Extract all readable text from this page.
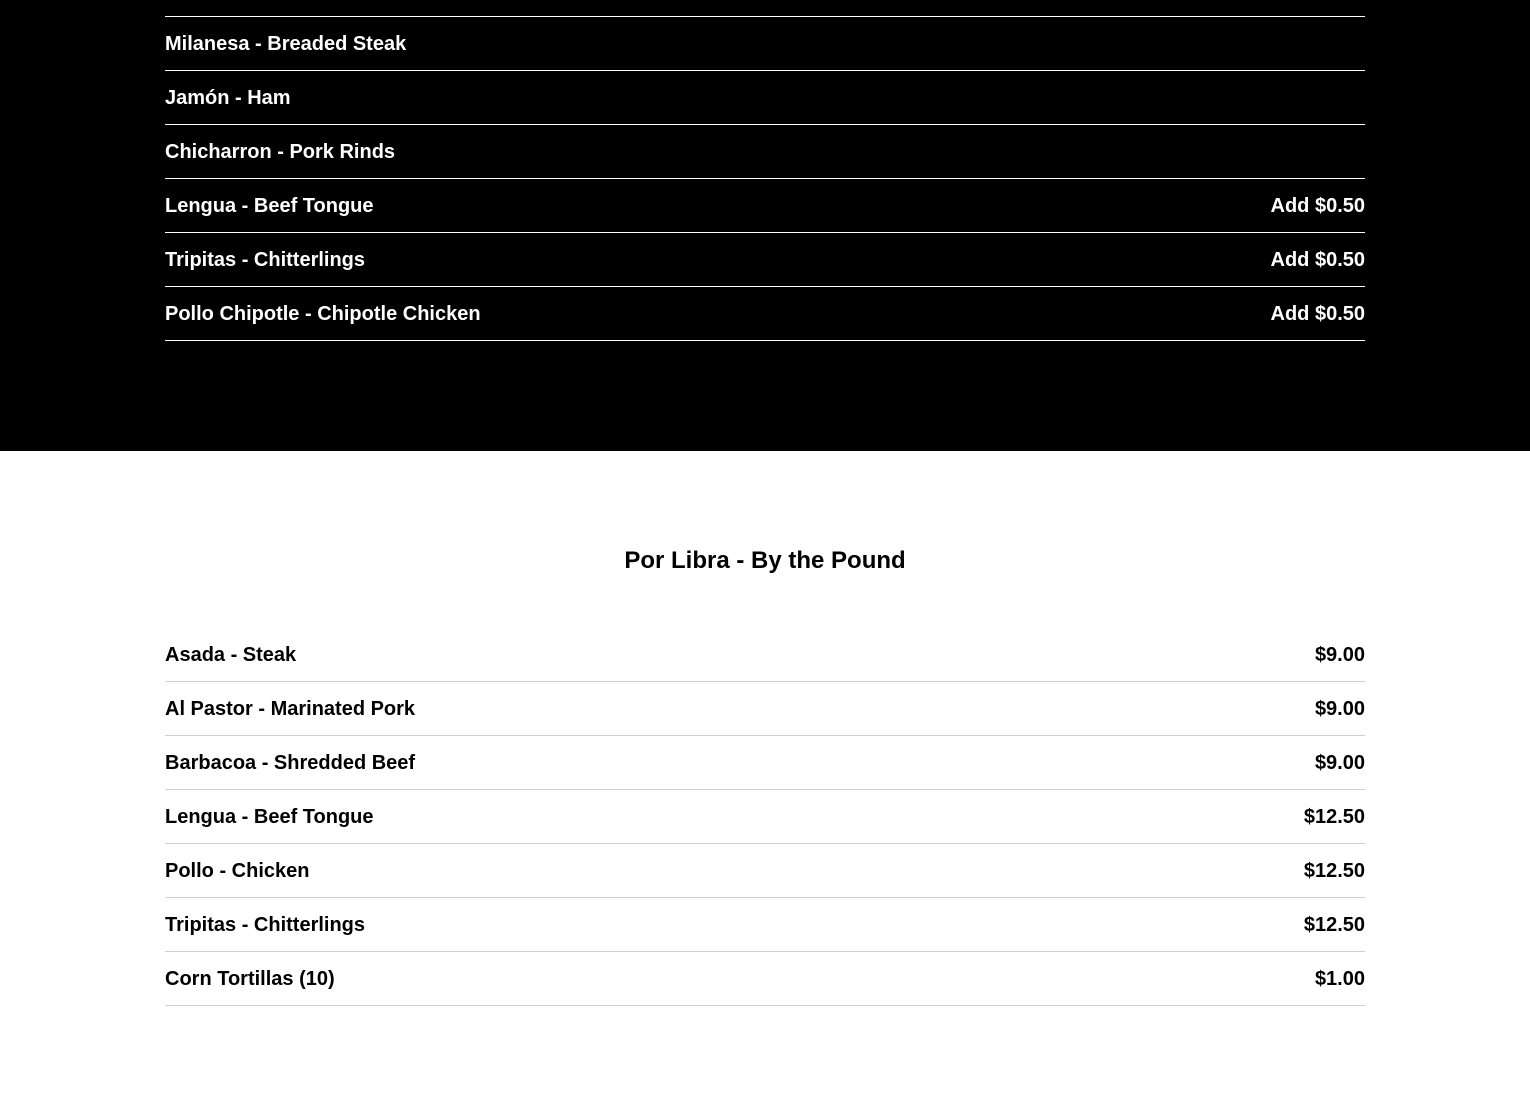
Milanesa - Breaded Steak
Jamón - Ham
Chicharron - Pork Rinds
Lengua - Beef Tongue	Add $0.50
Tripitas - Chitterlings	Add $0.50
Pollo Chipotle - Chipotle Chicken	Add $0.50
Por Libra - By the Pound
Asada - Steak	$9.00
Al Pastor - Marinated Pork	$9.00
Barbacoa - Shredded Beef	$9.00
Lengua - Beef Tongue	$12.50
Pollo - Chicken	$12.50
Tripitas - Chitterlings	$12.50
Corn Tortillas (10)	$1.00
